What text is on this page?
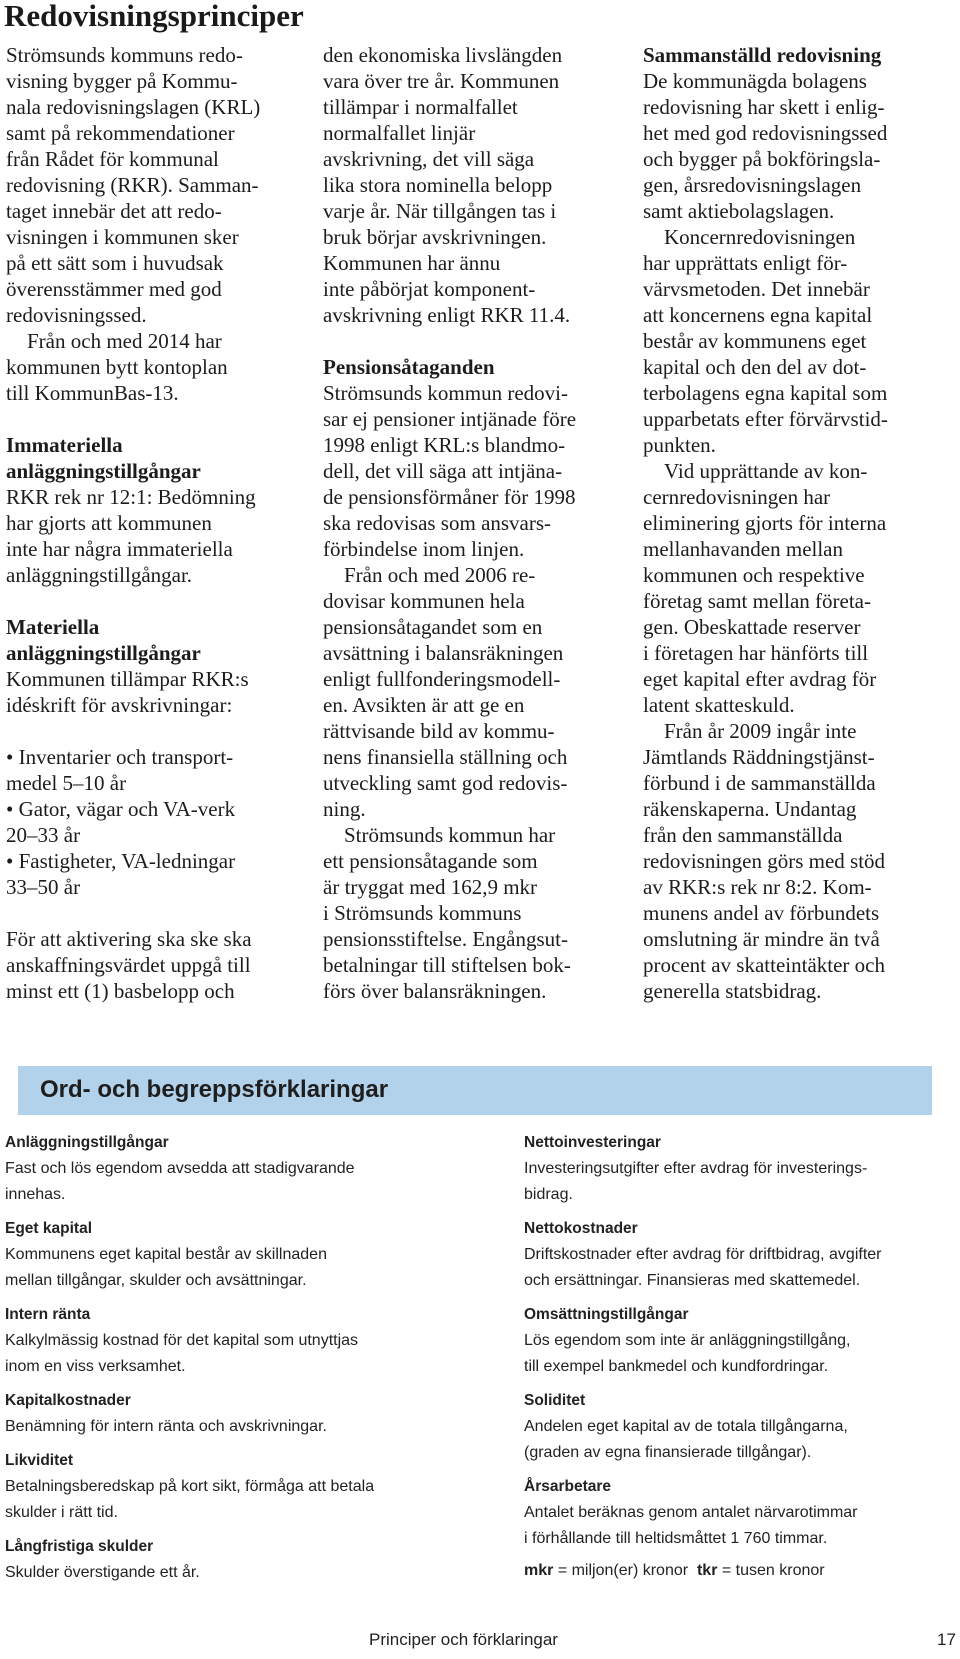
Redovisningsprinciper

Strömsunds kommuns redo-

visning bygger på Kommu-

nala redovisningslagen (KRL)

samt på rekommendationer

från Rådet för kommunal

redovisning (RKR). Samman-

taget innebär det att redo-

visningen i kommunen sker

på ett sätt som i huvudsak

överensstämmer med god

redovisningssed.

Från och med 2014 har

kommunen bytt kontoplan

till KommunBas-13.

Immateriella

anläggningstillgångar

RKR rek nr 12:1: Bedömning

har gjorts att kommunen

inte har några immateriella

anläggningstillgångar.

Materiella

anläggningstillgångar

Kommunen tillämpar RKR:s

idéskrift för avskrivningar:

• Inventarier och transport-

medel 5–10 år

• Gator, vägar och VA-verk

20–33 år

• Fastigheter, VA-ledningar

33–50 år

För att aktivering ska ske ska

anskaffningsvärdet uppgå till

minst ett (1) basbelopp och

den ekonomiska livslängden

vara över tre år. Kommunen

tillämpar i normalfallet

normalfallet linjär

avskrivning, det vill säga

lika stora nominella belopp

varje år. När tillgången tas i

bruk börjar avskrivningen.

Kommunen har ännu

inte påbörjat komponent-

avskrivning enligt RKR 11.4.

Pensionsåtaganden

Strömsunds kommun redovi-

sar ej pensioner intjänade före

1998 enligt KRL:s blandmo-

dell, det vill säga att intjäna-

de pensionsförmåner för 1998

ska redovisas som ansvars-

förbindelse inom linjen.

Från och med 2006 re-

dovisar kommunen hela

pensionsåtagandet som en

avsättning i balansräkningen

enligt fullfonderingsmodell-

en. Avsikten är att ge en

rättvisande bild av kommu-

nens finansiella ställning och

utveckling samt god redovis-

ning.

Strömsunds kommun har

ett pensionsåtagande som

är tryggat med 162,9 mkr

i Strömsunds kommuns

pensionsstiftelse. Engångsut-

betalningar till stiftelsen bok-

förs över balansräkningen.

Sammanställd redovisning

De kommunägda bolagens

redovisning har skett i enlig-

het med god redovisningssed

och bygger på bokföringsla-

gen, årsredovisningslagen

samt aktiebolagslagen.

Koncernredovisningen

har upprättats enligt för-

värvsmetoden. Det innebär

att koncernens egna kapital

består av kommunens eget

kapital och den del av dot-

terbolagens egna kapital som

upparbetats efter förvärvstid-

punkten.

Vid upprättande av kon-

cernredovisningen har

eliminering gjorts för interna

mellanhavanden mellan

kommunen och respektive

företag samt mellan företa-

gen. Obeskattade reserver

i företagen har hänförts till

eget kapital efter avdrag för

latent skatteskuld.

Från år 2009 ingår inte

Jämtlands Räddningstjänst-

förbund i de sammanställda

räkenskaperna. Undantag

från den sammanställda

redovisningen görs med stöd

av RKR:s rek nr 8:2. Kom-

munens andel av förbundets

omslutning är mindre än två

procent av skatteintäkter och

generella statsbidrag.

Ord- och begreppsförklaringar

Anläggningstillgångar

Fast och lös egendom avsedda att stadigvarande
innehas.

Eget kapital

Kommunens eget kapital består av skillnaden
mellan tillgångar, skulder och avsättningar.

Intern ränta

Kalkylmässig kostnad för det kapital som utnyttjas
inom en viss verksamhet.

Kapitalkostnader

Benämning för intern ränta och avskrivningar.

Likviditet

Betalningsberedskap på kort sikt, förmåga att betala
skulder i rätt tid.

Långfristiga skulder

Skulder överstigande ett år.

Nettoinvesteringar

Investeringsutgifter efter avdrag för investerings-
bidrag.

Nettokostnader

Driftskostnader efter avdrag för driftbidrag, avgifter
och ersättningar. Finansieras med skattemedel.

Omsättningstillgångar

Lös egendom som inte är anläggningstillgång,
till exempel bankmedel och kundfordringar.

Soliditet

Andelen eget kapital av de totala tillgångarna,
(graden av egna finansierade tillgångar).

Årsarbetare

Antalet beräknas genom antalet närvarotimmar
i förhållande till heltidsmåttet 1 760 timmar.

mkr = miljon(er) kronor tkr = tusen kronor
Principer och förklaringar	17
